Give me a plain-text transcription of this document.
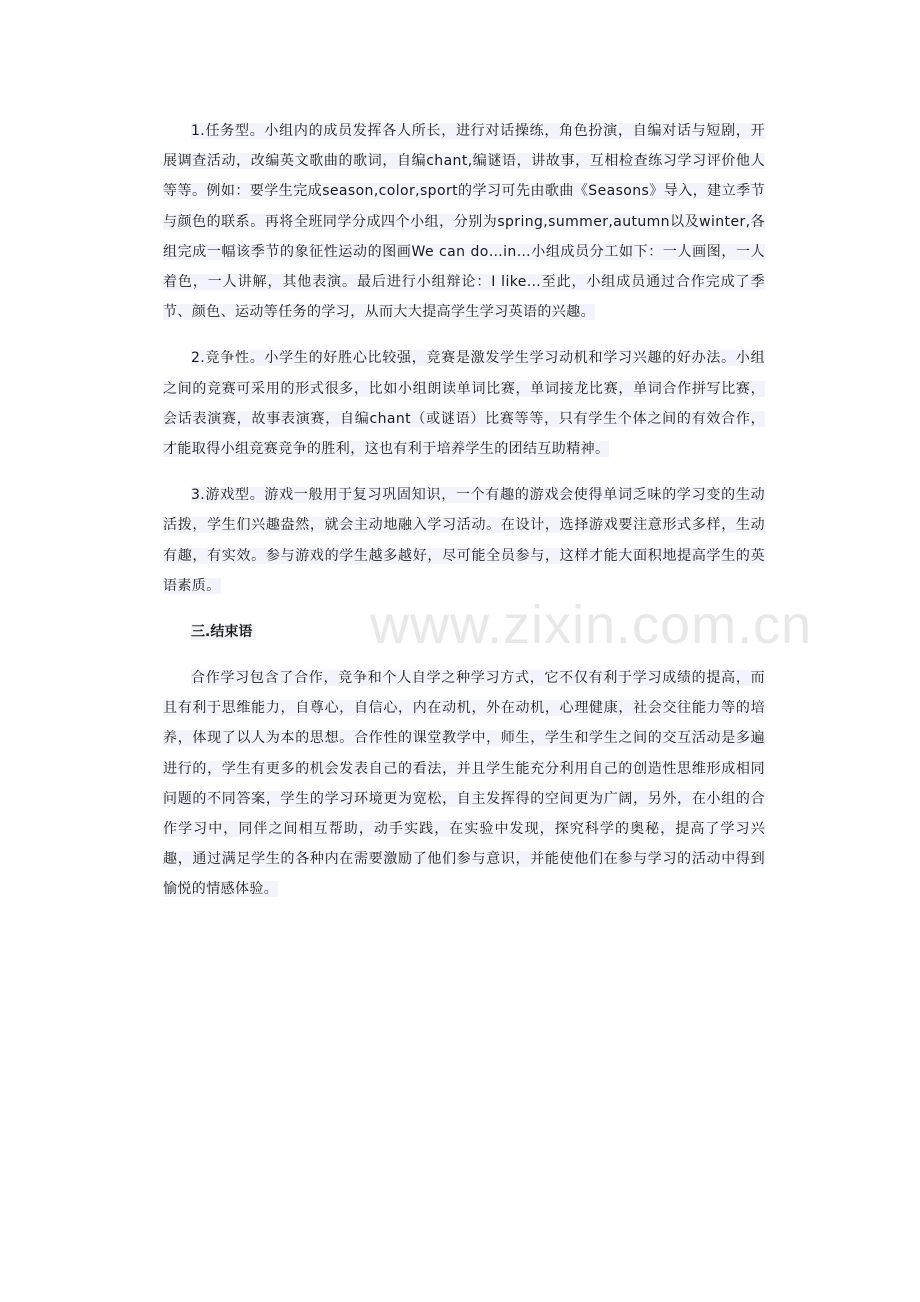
1.任务型。小组内的成员发挥各人所长，进行对话操练，角色扮演，自编对话与短剧，开展调查活动，改编英文歌曲的歌词，自编chant,编谜语，讲故事，互相检查练习学习评价他人等等。例如：要学生完成season,color,sport的学习可先由歌曲《Seasons》导入，建立季节与颜色的联系。再将全班同学分成四个小组，分别为spring,summer,autumn以及winter,各组完成一幅该季节的象征性运动的图画We can do…in…小组成员分工如下：一人画图，一人着色，一人讲解，其他表演。最后进行小组辩论：I like…至此，小组成员通过合作完成了季节、颜色、运动等任务的学习，从而大大提高学生学习英语的兴趣。

2.竞争性。小学生的好胜心比较强，竞赛是激发学生学习动机和学习兴趣的好办法。小组之间的竞赛可采用的形式很多，比如小组朗读单词比赛，单词接龙比赛，单词合作拼写比赛，会话表演赛，故事表演赛，自编chant（或谜语）比赛等等，只有学生个体之间的有效合作，才能取得小组竞赛竞争的胜利，这也有利于培养学生的团结互助精神。

3.游戏型。游戏一般用于复习巩固知识，一个有趣的游戏会使得单词乏味的学习变的生动活拨，学生们兴趣盎然，就会主动地融入学习活动。在设计，选择游戏要注意形式多样，生动有趣，有实效。参与游戏的学生越多越好，尽可能全员参与，这样才能大面积地提高学生的英语素质。

三.结束语

合作学习包含了合作，竞争和个人自学之种学习方式，它不仅有利于学习成绩的提高，而且有利于思维能力，自尊心，自信心，内在动机，外在动机，心理健康，社会交往能力等的培养，体现了以人为本的思想。合作性的课堂教学中，师生，学生和学生之间的交互活动是多遍进行的，学生有更多的机会发表自己的看法，并且学生能充分利用自己的创造性思维形成相同问题的不同答案，学生的学习环境更为宽松，自主发挥得的空间更为广阔，另外，在小组的合作学习中，同伴之间相互帮助，动手实践，在实验中发现，探究科学的奥秘，提高了学习兴趣，通过满足学生的各种内在需要激励了他们参与意识，并能使他们在参与学习的活动中得到愉悦的情感体验。

www.zixin.com.cn
